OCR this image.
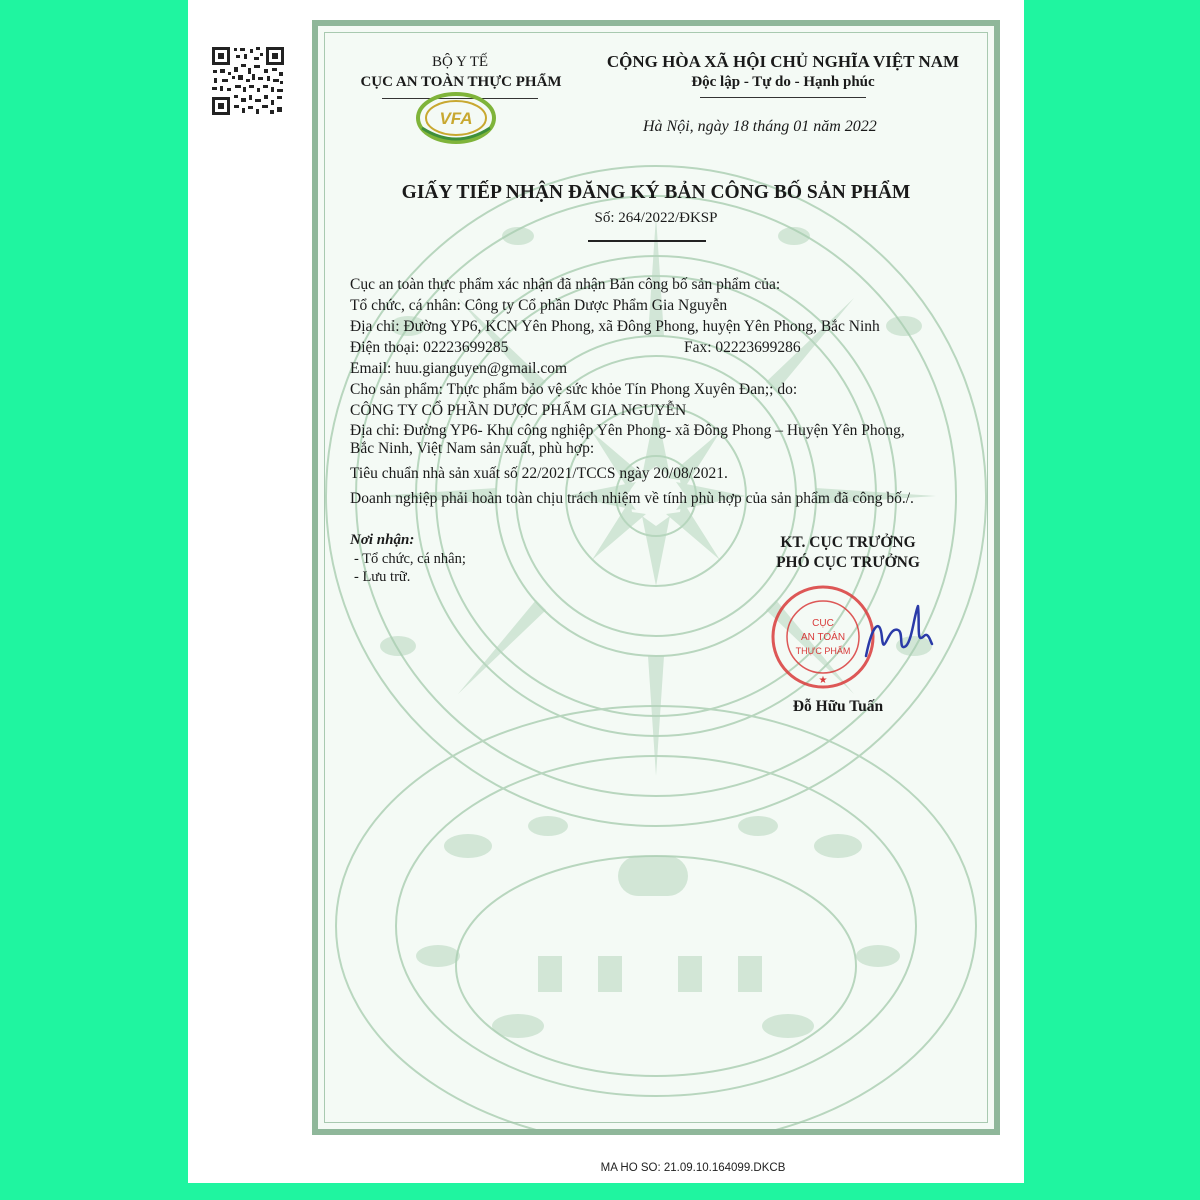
BỘ Y TẾ
CỤC AN TOÀN THỰC PHẨM
VFA
CỘNG HÒA XÃ HỘI CHỦ NGHĨA VIỆT NAM
Độc lập - Tự do - Hạnh phúc
Hà Nội, ngày 18 tháng 01 năm 2022
GIẤY TIẾP NHẬN ĐĂNG KÝ BẢN CÔNG BỐ SẢN PHẨM
Số: 264/2022/ĐKSP
Cục an toàn thực phẩm xác nhận đã nhận Bản công bố sản phẩm của:
Tổ chức, cá nhân: Công ty Cổ phần Dược Phẩm Gia Nguyễn
Địa chỉ: Đường YP6, KCN Yên Phong, xã Đông Phong, huyện Yên Phong, Bắc Ninh
Điện thoại: 02223699285	Fax: 02223699286
Email: huu.gianguyen@gmail.com
Cho sản phẩm: Thực phẩm bảo vệ sức khỏe Tín Phong Xuyên Đan;; do:
CÔNG TY CỔ PHẦN DƯỢC PHẨM GIA NGUYỄN
Địa chỉ: Đường YP6- Khu công nghiệp Yên Phong- xã Đông Phong – Huyện Yên Phong,
Bắc Ninh, Việt Nam sản xuất, phù hợp:
Tiêu chuẩn nhà sản xuất số 22/2021/TCCS ngày 20/08/2021.
Doanh nghiệp phải hoàn toàn chịu trách nhiệm về tính phù hợp của sản phẩm đã công bố./.
Nơi nhận:
- Tổ chức, cá nhân;
- Lưu trữ.
KT. CỤC TRƯỞNG
PHÓ CỤC TRƯỞNG
CỤC
AN TOÀN
THỰC PHẨM
★
Đỗ Hữu Tuấn
MA HO SO: 21.09.10.164099.DKCB
